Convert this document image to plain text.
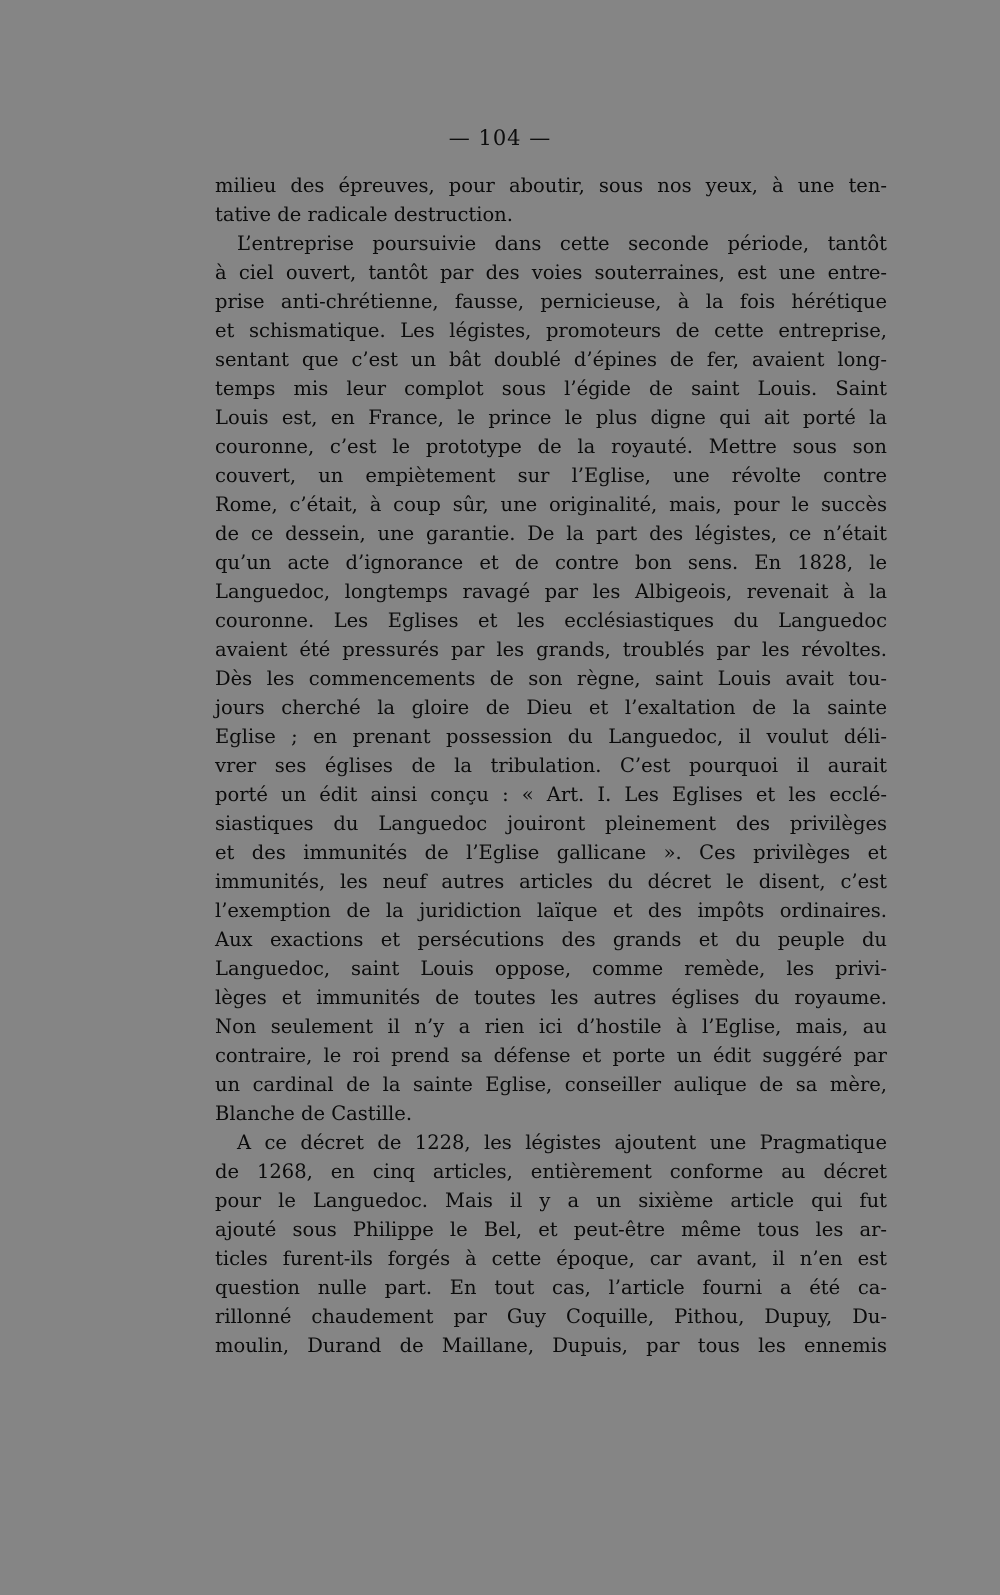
— 104 —
milieu des épreuves, pour aboutir, sous nos yeux, à une ten-
tative de radicale destruction.
L’entreprise poursuivie dans cette seconde période, tantôt
à ciel ouvert, tantôt par des voies souterraines, est une entre-
prise anti-chrétienne, fausse, pernicieuse, à la fois hérétique
et schismatique. Les légistes, promoteurs de cette entreprise,
sentant que c’est un bât doublé d’épines de fer, avaient long-
temps mis leur complot sous l’égide de saint Louis. Saint
Louis est, en France, le prince le plus digne qui ait porté la
couronne, c’est le prototype de la royauté. Mettre sous son
couvert, un empiètement sur l’Eglise, une révolte contre
Rome, c’était, à coup sûr, une originalité, mais, pour le succès
de ce dessein, une garantie. De la part des légistes, ce n’était
qu’un acte d’ignorance et de contre bon sens. En 1828, le
Languedoc, longtemps ravagé par les Albigeois, revenait à la
couronne. Les Eglises et les ecclésiastiques du Languedoc
avaient été pressurés par les grands, troublés par les révoltes.
Dès les commencements de son règne, saint Louis avait tou-
jours cherché la gloire de Dieu et l’exaltation de la sainte
Eglise ; en prenant possession du Languedoc, il voulut déli-
vrer ses églises de la tribulation. C’est pourquoi il aurait
porté un édit ainsi conçu : « Art. I. Les Eglises et les ecclé-
siastiques du Languedoc jouiront pleinement des privilèges
et des immunités de l’Eglise gallicane ». Ces privilèges et
immunités, les neuf autres articles du décret le disent, c’est
l’exemption de la juridiction laïque et des impôts ordinaires.
Aux exactions et persécutions des grands et du peuple du
Languedoc, saint Louis oppose, comme remède, les privi-
lèges et immunités de toutes les autres églises du royaume.
Non seulement il n’y a rien ici d’hostile à l’Eglise, mais, au
contraire, le roi prend sa défense et porte un édit suggéré par
un cardinal de la sainte Eglise, conseiller aulique de sa mère,
Blanche de Castille.
A ce décret de 1228, les légistes ajoutent une Pragmatique
de 1268, en cinq articles, entièrement conforme au décret
pour le Languedoc. Mais il y a un sixième article qui fut
ajouté sous Philippe le Bel, et peut-être même tous les ar-
ticles furent-ils forgés à cette époque, car avant, il n’en est
question nulle part. En tout cas, l’article fourni a été ca-
rillonné chaudement par Guy Coquille, Pithou, Dupuy, Du-
moulin, Durand de Maillane, Dupuis, par tous les ennemis
